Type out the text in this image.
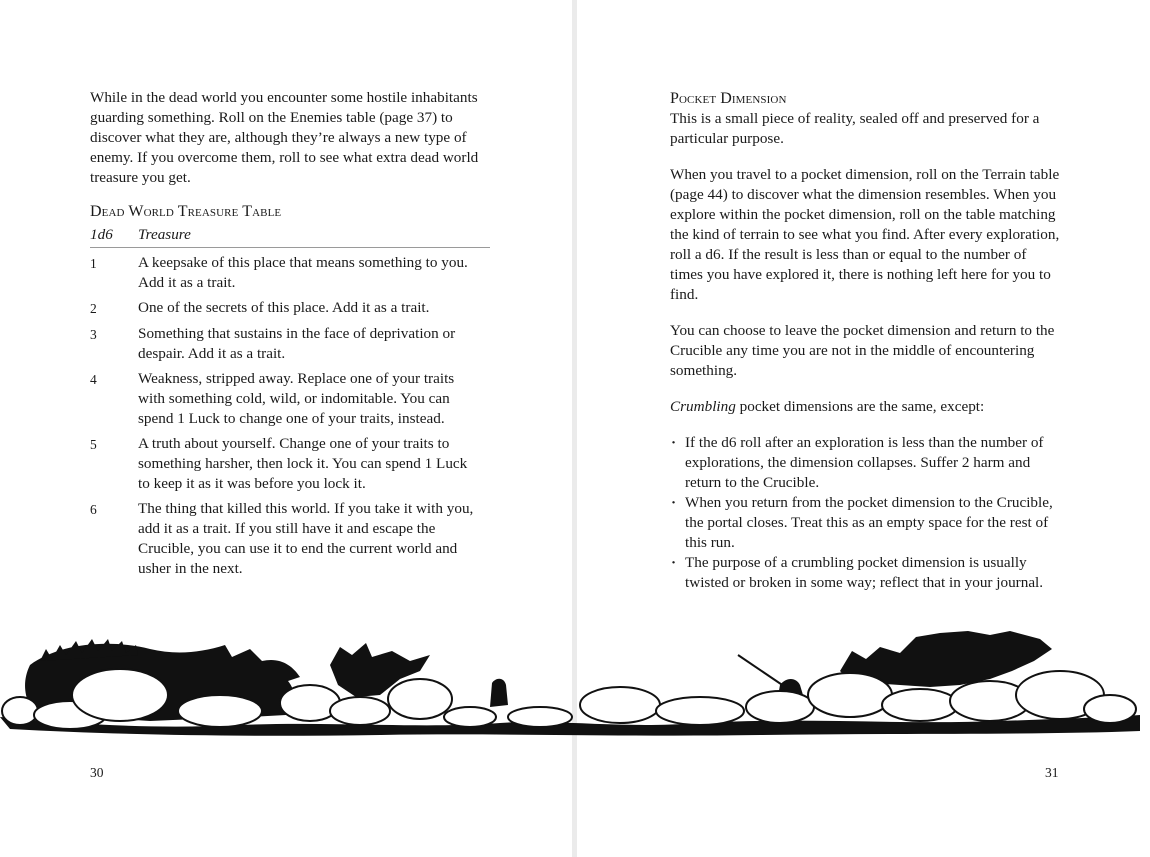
While in the dead world you encounter some hostile inhabitants guarding something. Roll on the Enemies table (page 37) to discover what they are, although they’re always a new type of enemy. If you overcome them, roll to see what extra dead world treasure you get.

Dead World Treasure Table
1d6	Treasure
1	A keepsake of this place that means something to you. Add it as a trait.
2	One of the secrets of this place. Add it as a trait.
3	Something that sustains in the face of deprivation or despair. Add it as a trait.
4	Weakness, stripped away. Replace one of your traits with something cold, wild, or indomitable. You can spend 1 Luck to change one of your traits, instead.
5	A truth about yourself. Change one of your traits to something harsher, then lock it. You can spend 1 Luck to keep it as it was before you lock it.
6	The thing that killed this world. If you take it with you, add it as a trait. If you still have it and escape the Crucible, you can use it to end the current world and usher in the next.
30
Pocket Dimension

This is a small piece of reality, sealed off and preserved for a particular purpose.

When you travel to a pocket dimension, roll on the Terrain table (page 44) to discover what the dimension resembles. When you explore within the pocket dimension, roll on the table matching the kind of terrain to see what you find. After every exploration, roll a d6. If the result is less than or equal to the number of times you have explored it, there is nothing left here for you to find.

You can choose to leave the pocket dimension and return to the Crucible any time you are not in the middle of encountering something.

Crumbling pocket dimensions are the same, except:

· If the d6 roll after an exploration is less than the number of explorations, the dimension collapses. Suffer 2 harm and return to the Crucible.
· When you return from the pocket dimension to the Crucible, the portal closes. Treat this as an empty space for the rest of this run.
· The purpose of a crumbling pocket dimension is usually twisted or broken in some way; reflect that in your journal.
31
